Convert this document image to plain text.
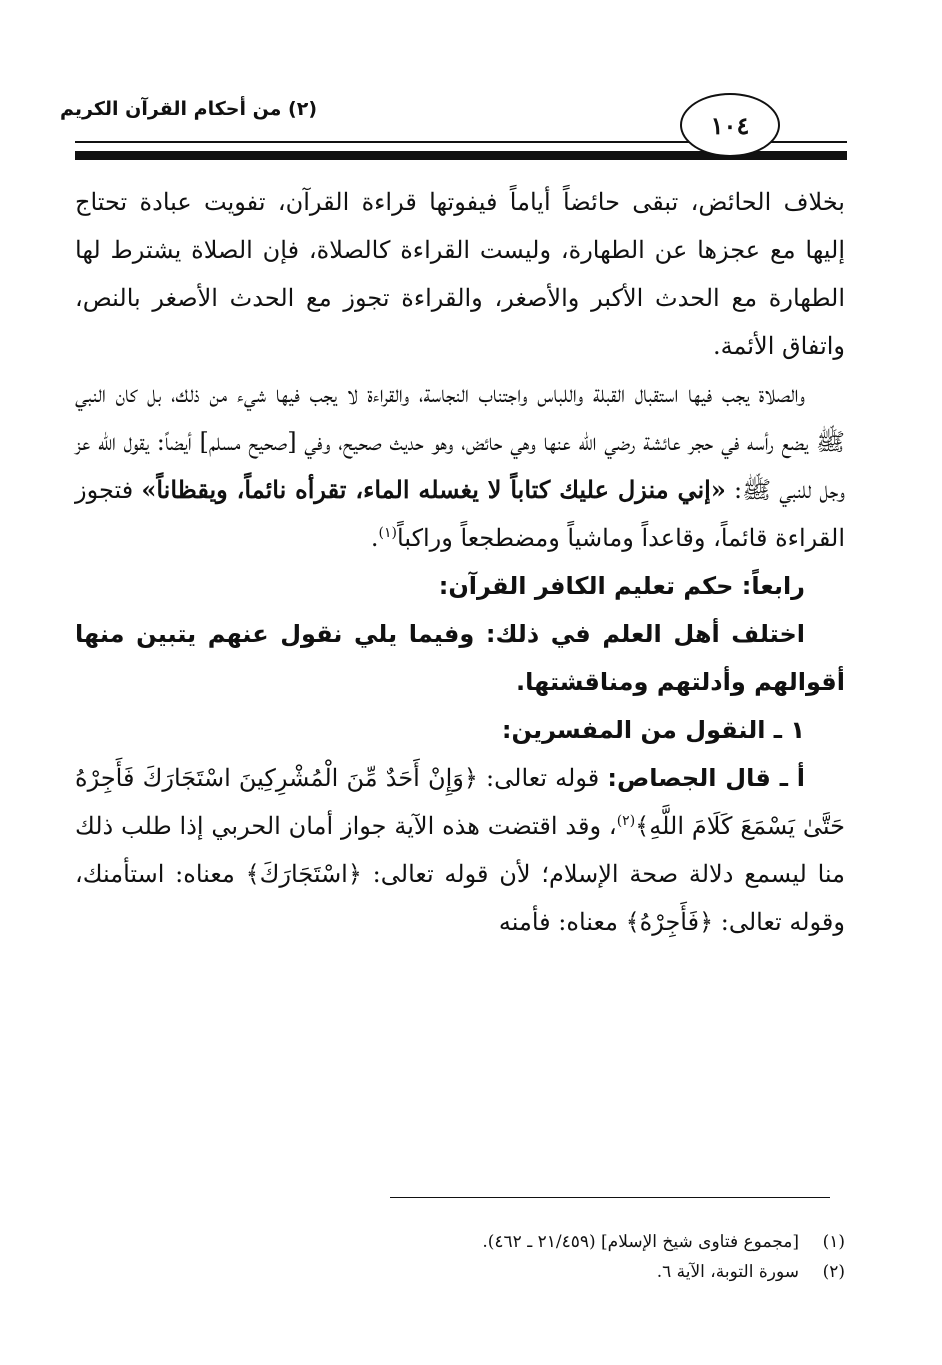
١٠٤
(٢) من أحكام القرآن الكريم

بخلاف الحائض، تبقى حائضاً أياماً فيفوتها قراءة القرآن، تفويت عبادة تحتاج إليها مع عجزها عن الطهارة، وليست القراءة كالصلاة، فإن الصلاة يشترط لها الطهارة مع الحدث الأكبر والأصغر، والقراءة تجوز مع الحدث الأصغر بالنص، واتفاق الأئمة.

والصلاة يجب فيها استقبال القبلة واللباس واجتناب النجاسة، والقراءة لا يجب فيها شيء من ذلك، بل كان النبي ﷺ يضع رأسه في حجر عائشة رضي الله عنها وهي حائض، وهو حديث صحيح، وفي [صحيح مسلم] أيضاً: يقول الله عز وجل للنبي ﷺ: «إني منزل عليك كتاباً لا يغسله الماء، تقرأه نائماً، ويقظاناً» فتجوز القراءة قائماً، وقاعداً وماشياً ومضطجعاً وراكباً$^{(١)}$.

رابعاً: حكم تعليم الكافر القرآن:

اختلف أهل العلم في ذلك: وفيما يلي نقول عنهم يتبين منها أقوالهم وأدلتهم ومناقشتها.

١ ـ النقول من المفسرين:

أ ـ قال الجصاص: قوله تعالى: ﴿وَإِنْ أَحَدٌ مِّنَ الْمُشْرِكِينَ اسْتَجَارَكَ فَأَجِرْهُ حَتَّىٰ يَسْمَعَ كَلَامَ اللَّهِ﴾$^{(٢)}$، وقد اقتضت هذه الآية جواز أمان الحربي إذا طلب ذلك منا ليسمع دلالة صحة الإسلام؛ لأن قوله تعالى: ﴿اسْتَجَارَكَ﴾ معناه: استأمنك، وقوله تعالى: ﴿فَأَجِرْهُ﴾ معناه: فأمنه

(١)
[مجموع فتاوى شيخ الإسلام] (٢١/٤٥٩ ـ ٤٦٢).
(٢)
سورة التوبة، الآية ٦.
